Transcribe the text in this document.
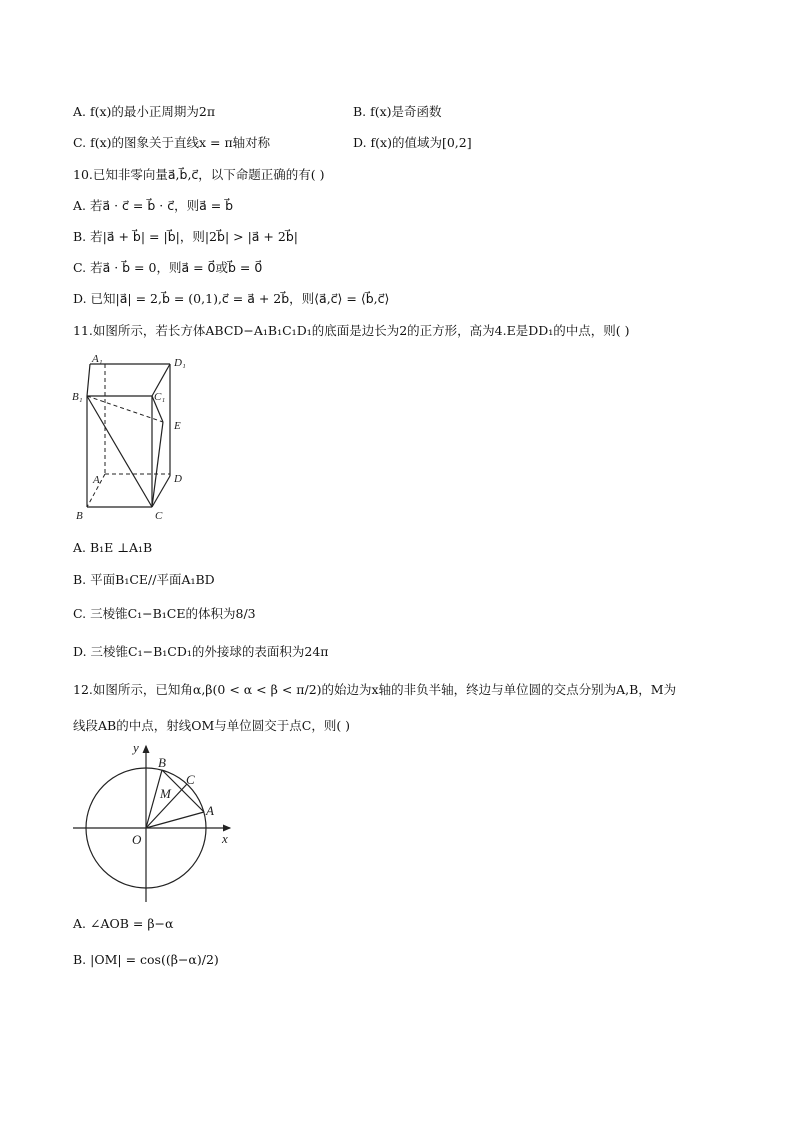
A. f(x)的最小正周期为2π	B. f(x)是奇函数
C. f(x)的图象关于直线x = π轴对称	D. f(x)的值域为[0,2]
10.已知非零向量a⃗,b⃗,c⃗，以下命题正确的有( )
A. 若a⃗ · c⃗ = b⃗ · c⃗，则a⃗ = b⃗
B. 若|a⃗ + b⃗| = |b⃗|，则|2b⃗| > |a⃗ + 2b⃗|
C. 若a⃗ · b⃗ = 0，则a⃗ = 0⃗或b⃗ = 0⃗
D. 已知|a⃗| = 2,b⃗ = (0,1),c⃗ = a⃗ + 2b⃗，则⟨a⃗,c⃗⟩ = ⟨b⃗,c⃗⟩
11.如图所示，若长方体ABCD−A₁B₁C₁D₁的底面是边长为2的正方形，高为4.E是DD₁的中点，则( )
A₁	D₁
B₁	C₁
E
A	D
B	C
A. B₁E ⊥A₁B
B. 平面B₁CE//平面A₁BD
C. 三棱锥C₁−B₁CE的体积为8/3
D. 三棱锥C₁−B₁CD₁的外接球的表面积为24π
12.如图所示，已知角α,β(0 < α < β < π/2)的始边为x轴的非负半轴，终边与单位圆的交点分别为A,B，M为
线段AB的中点，射线OM与单位圆交于点C，则( )
y
x
O
A
B
C
M
A. ∠AOB = β−α
B. |OM| = cos((β−α)/2)
